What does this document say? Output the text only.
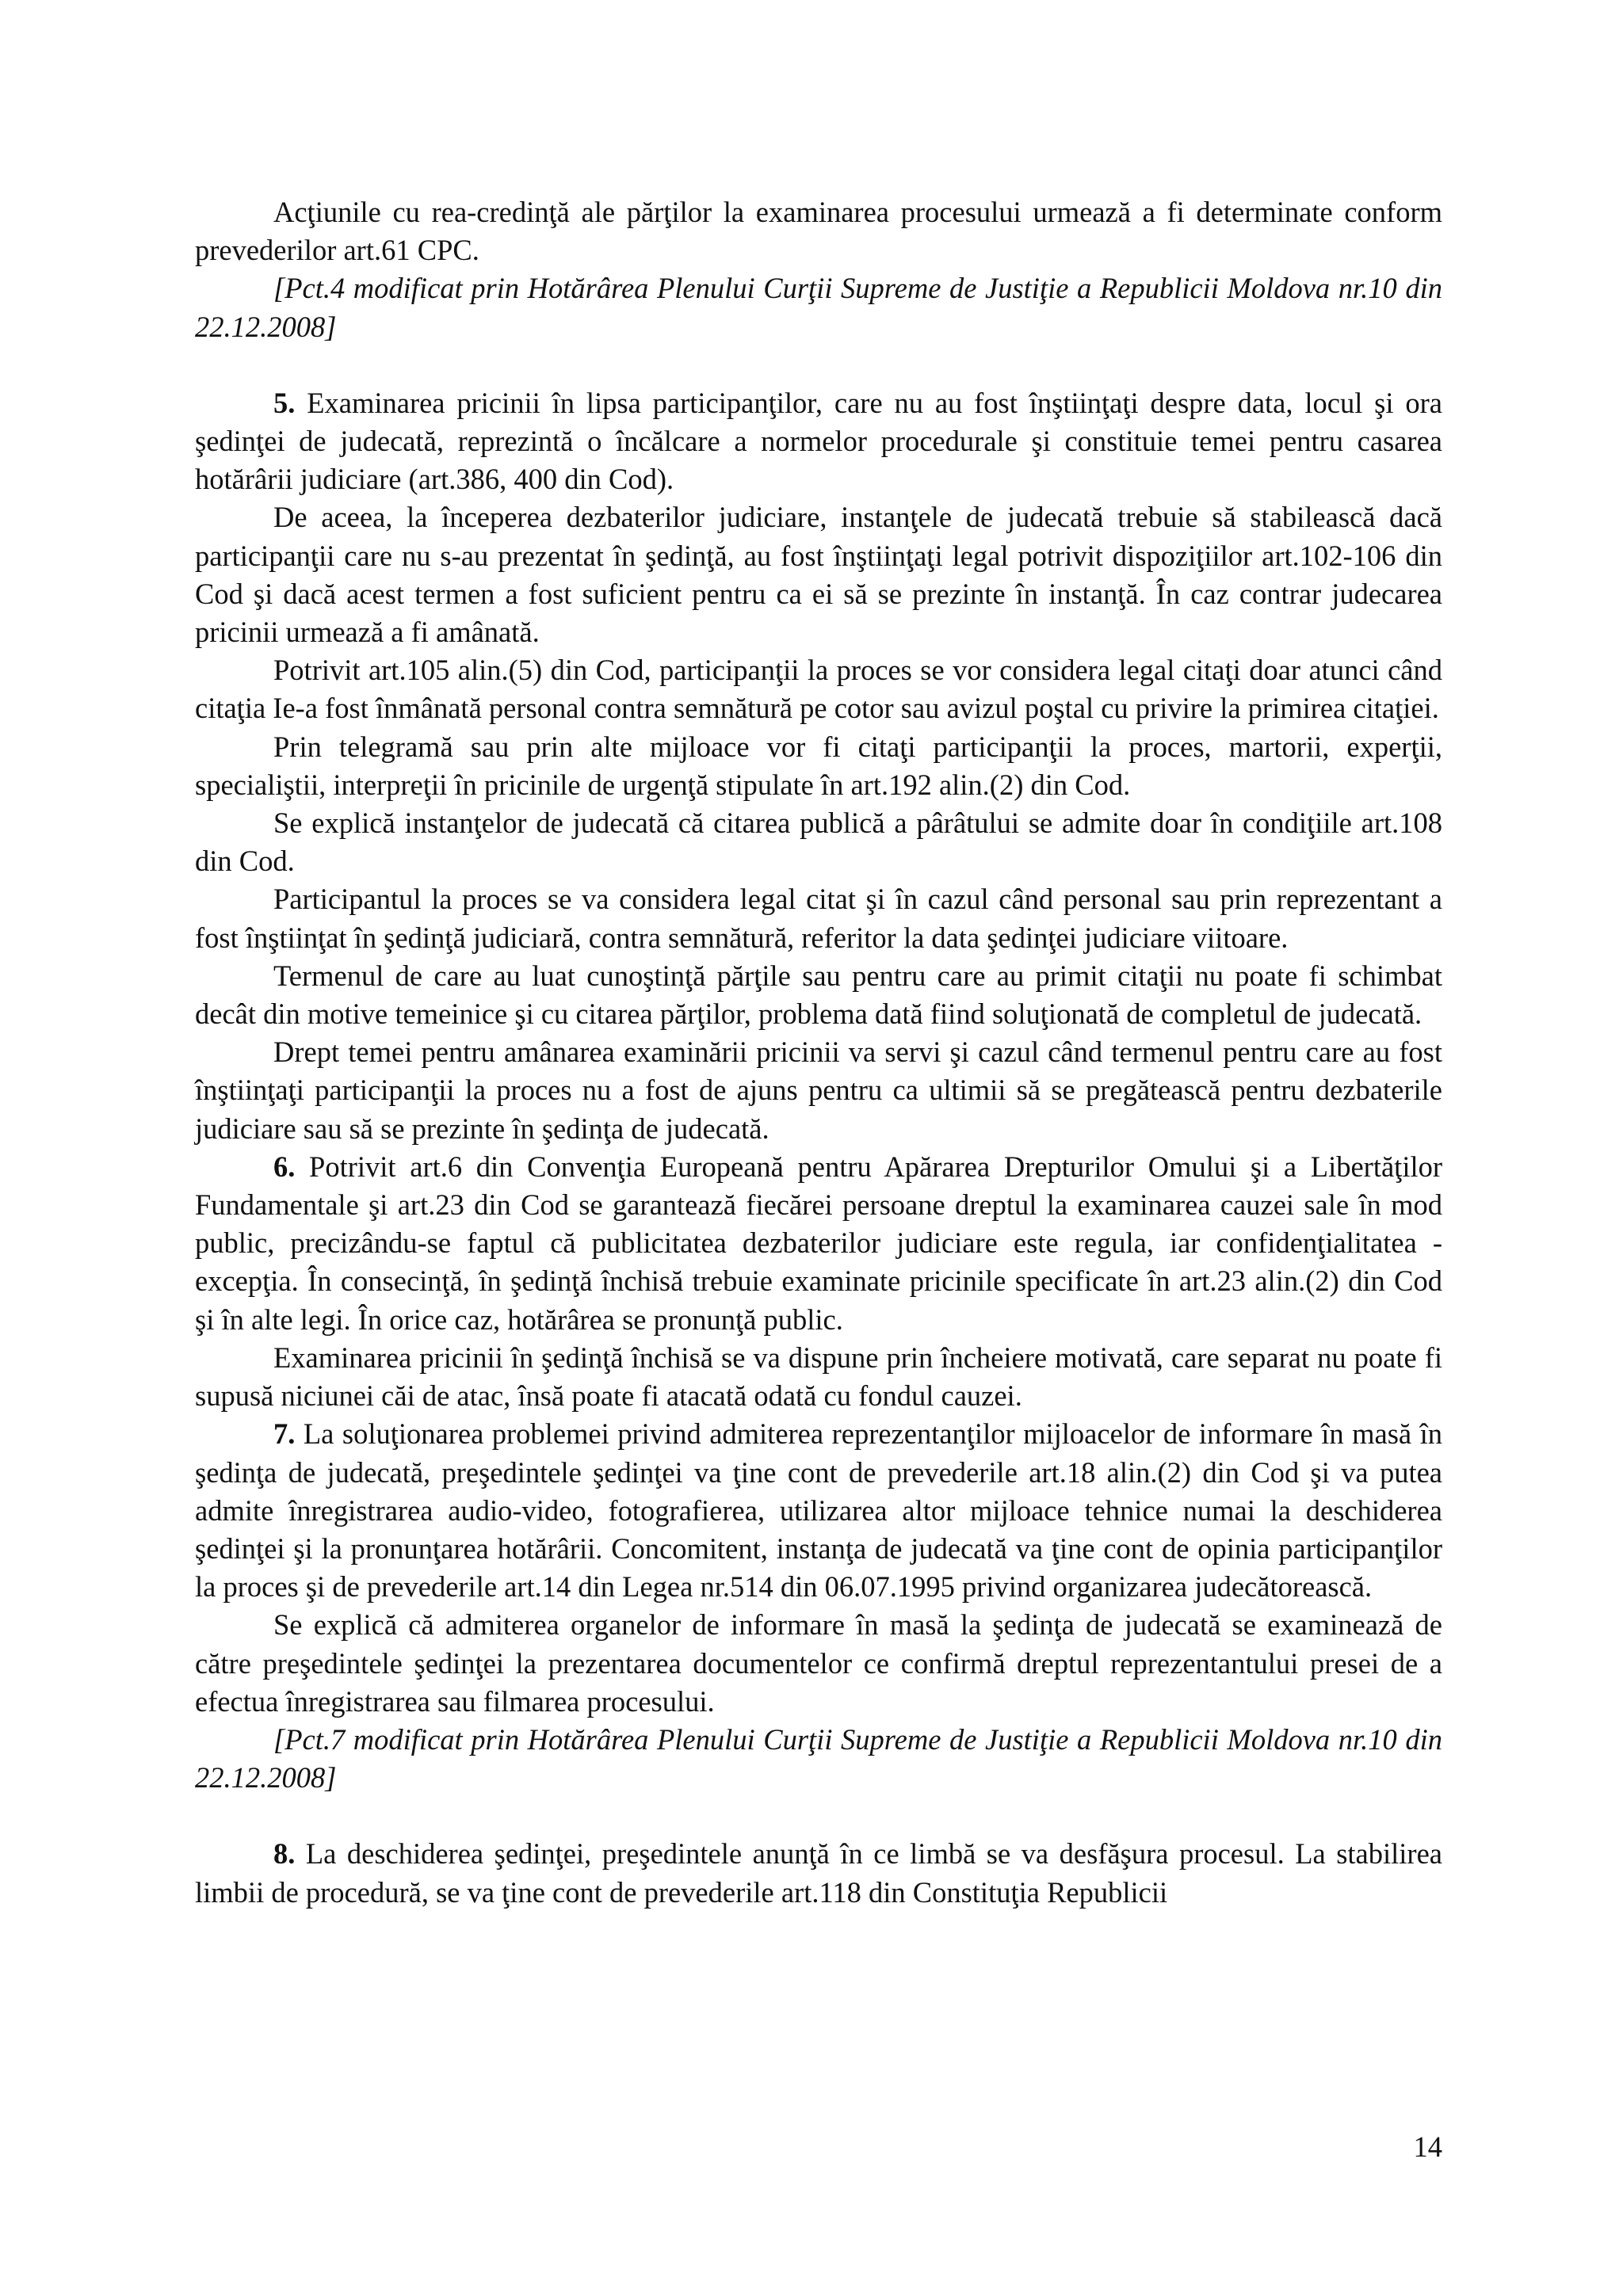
Acţiunile cu rea-credinţă ale părţilor la examinarea procesului urmează a fi determinate conform prevederilor art.61 CPC.

[Pct.4 modificat prin Hotărârea Plenului Curţii Supreme de Justiţie a Republicii Moldova nr.10 din 22.12.2008]

5. Examinarea pricinii în lipsa participanţilor, care nu au fost înştiinţaţi despre data, locul şi ora şedinţei de judecată, reprezintă o încălcare a normelor procedurale şi constituie temei pentru casarea hotărârii judiciare (art.386, 400 din Cod).

De aceea, la începerea dezbaterilor judiciare, instanţele de judecată trebuie să stabilească dacă participanţii care nu s-au prezentat în şedinţă, au fost înştiinţaţi legal potrivit dispoziţiilor art.102-106 din Cod şi dacă acest termen a fost suficient pentru ca ei să se prezinte în instanţă. În caz contrar judecarea pricinii urmează a fi amânată.

Potrivit art.105 alin.(5) din Cod, participanţii la proces se vor considera legal citaţi doar atunci când citaţia Ie-a fost înmânată personal contra semnătură pe cotor sau avizul poştal cu privire la primirea citaţiei.

Prin telegramă sau prin alte mijloace vor fi citaţi participanţii la proces, martorii, experţii, specialiştii, interpreţii în pricinile de urgenţă stipulate în art.192 alin.(2) din Cod.

Se explică instanţelor de judecată că citarea publică a pârâtului se admite doar în condiţiile art.108 din Cod.

Participantul la proces se va considera legal citat şi în cazul când personal sau prin reprezentant a fost înştiinţat în şedinţă judiciară, contra semnătură, referitor la data şedinţei judiciare viitoare.

Termenul de care au luat cunoştinţă părţile sau pentru care au primit citaţii nu poate fi schimbat decât din motive temeinice şi cu citarea părţilor, problema dată fiind soluţionată de completul de judecată.

Drept temei pentru amânarea examinării pricinii va servi şi cazul când termenul pentru care au fost înştiinţaţi participanţii la proces nu a fost de ajuns pentru ca ultimii să se pregătească pentru dezbaterile judiciare sau să se prezinte în şedinţa de judecată.

6. Potrivit art.6 din Convenţia Europeană pentru Apărarea Drepturilor Omului şi a Libertăţilor Fundamentale şi art.23 din Cod se garantează fiecărei persoane dreptul la examinarea cauzei sale în mod public, precizându-se faptul că publicitatea dezbaterilor judiciare este regula, iar confidenţialitatea - excepţia. În consecinţă, în şedinţă închisă trebuie examinate pricinile specificate în art.23 alin.(2) din Cod şi în alte legi. În orice caz, hotărârea se pronunţă public.

Examinarea pricinii în şedinţă închisă se va dispune prin încheiere motivată, care separat nu poate fi supusă niciunei căi de atac, însă poate fi atacată odată cu fondul cauzei.

7. La soluţionarea problemei privind admiterea reprezentanţilor mijloacelor de informare în masă în şedinţa de judecată, preşedintele şedinţei va ţine cont de prevederile art.18 alin.(2) din Cod şi va putea admite înregistrarea audio-video, fotografierea, utilizarea altor mijloace tehnice numai la deschiderea şedinţei şi la pronunţarea hotărârii. Concomitent, instanţa de judecată va ţine cont de opinia participanţilor la proces şi de prevederile art.14 din Legea nr.514 din 06.07.1995 privind organizarea judecătorească.

Se explică că admiterea organelor de informare în masă la şedinţa de judecată se examinează de către preşedintele şedinţei la prezentarea documentelor ce confirmă dreptul reprezentantului presei de a efectua înregistrarea sau filmarea procesului.

[Pct.7 modificat prin Hotărârea Plenului Curţii Supreme de Justiţie a Republicii Moldova nr.10 din 22.12.2008]

8. La deschiderea şedinţei, preşedintele anunţă în ce limbă se va desfăşura procesul. La stabilirea limbii de procedură, se va ţine cont de prevederile art.118 din Constituţia Republicii

14
